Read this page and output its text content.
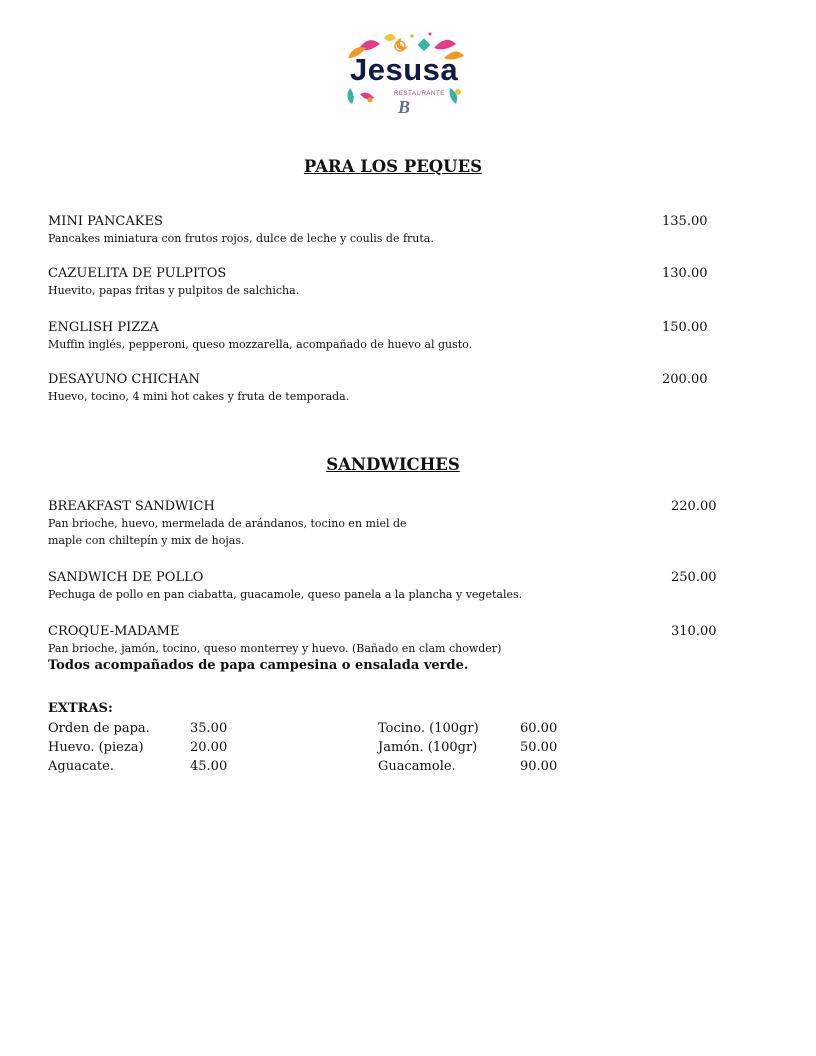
Jesusa
RESTAURANTE
B
PARA LOS PEQUES
MINI PANCAKES
Pancakes miniatura con frutos rojos, dulce de leche y coulis de fruta.
135.00
CAZUELITA DE PULPITOS
Huevito, papas fritas y pulpitos de salchicha.
130.00
ENGLISH PIZZA
Muffin inglés, pepperoni, queso mozzarella, acompañado de huevo al gusto.
150.00
DESAYUNO CHICHAN
Huevo, tocino, 4 mini hot cakes y fruta de temporada.
200.00
SANDWICHES
BREAKFAST SANDWICH
Pan brioche, huevo, mermelada de arándanos, tocino en miel de
maple con chiltepín y mix de hojas.
220.00
SANDWICH DE POLLO
Pechuga de pollo en pan ciabatta, guacamole, queso panela a la plancha y vegetales.
250.00
CROQUE-MADAME
Pan brioche, jamón, tocino, queso monterrey y huevo. (Bañado en clam chowder)
310.00
Todos acompañados de papa campesina o ensalada verde.
EXTRAS:
Orden de papa.
Huevo. (pieza)
Aguacate.
35.00
20.00
45.00
Tocino. (100gr)
Jamón. (100gr)
Guacamole.
60.00
50.00
90.00
